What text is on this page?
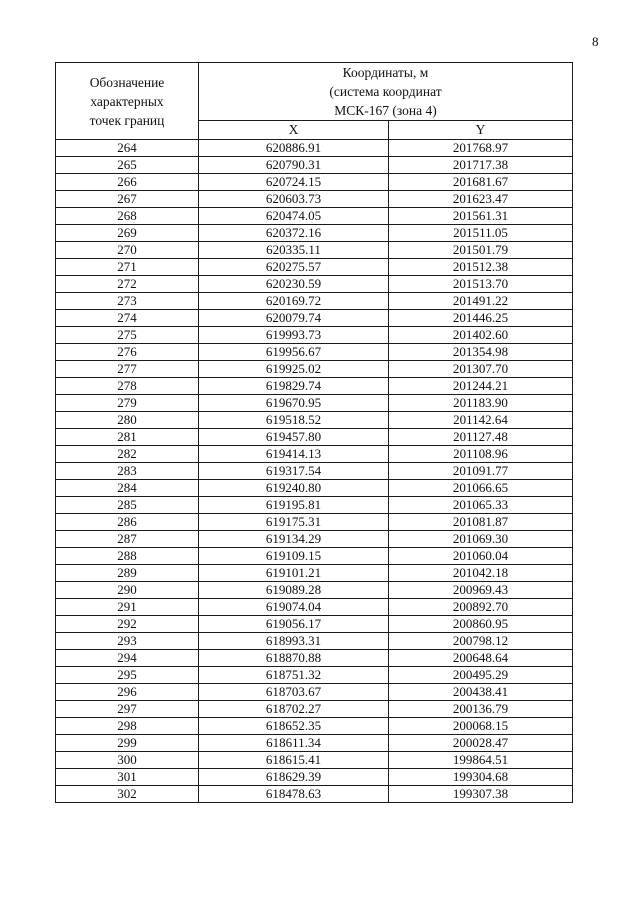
8
Обозначение
характерных
точек границ	Координаты, м
(система координат
МСК-167 (зона 4)	

	X	Y
264	620886.91	201768.97
265	620790.31	201717.38
266	620724.15	201681.67
267	620603.73	201623.47
268	620474.05	201561.31
269	620372.16	201511.05
270	620335.11	201501.79
271	620275.57	201512.38
272	620230.59	201513.70
273	620169.72	201491.22
274	620079.74	201446.25
275	619993.73	201402.60
276	619956.67	201354.98
277	619925.02	201307.70
278	619829.74	201244.21
279	619670.95	201183.90
280	619518.52	201142.64
281	619457.80	201127.48
282	619414.13	201108.96
283	619317.54	201091.77
284	619240.80	201066.65
285	619195.81	201065.33
286	619175.31	201081.87
287	619134.29	201069.30
288	619109.15	201060.04
289	619101.21	201042.18
290	619089.28	200969.43
291	619074.04	200892.70
292	619056.17	200860.95
293	618993.31	200798.12
294	618870.88	200648.64
295	618751.32	200495.29
296	618703.67	200438.41
297	618702.27	200136.79
298	618652.35	200068.15
299	618611.34	200028.47
300	618615.41	199864.51
301	618629.39	199304.68
302	618478.63	199307.38
